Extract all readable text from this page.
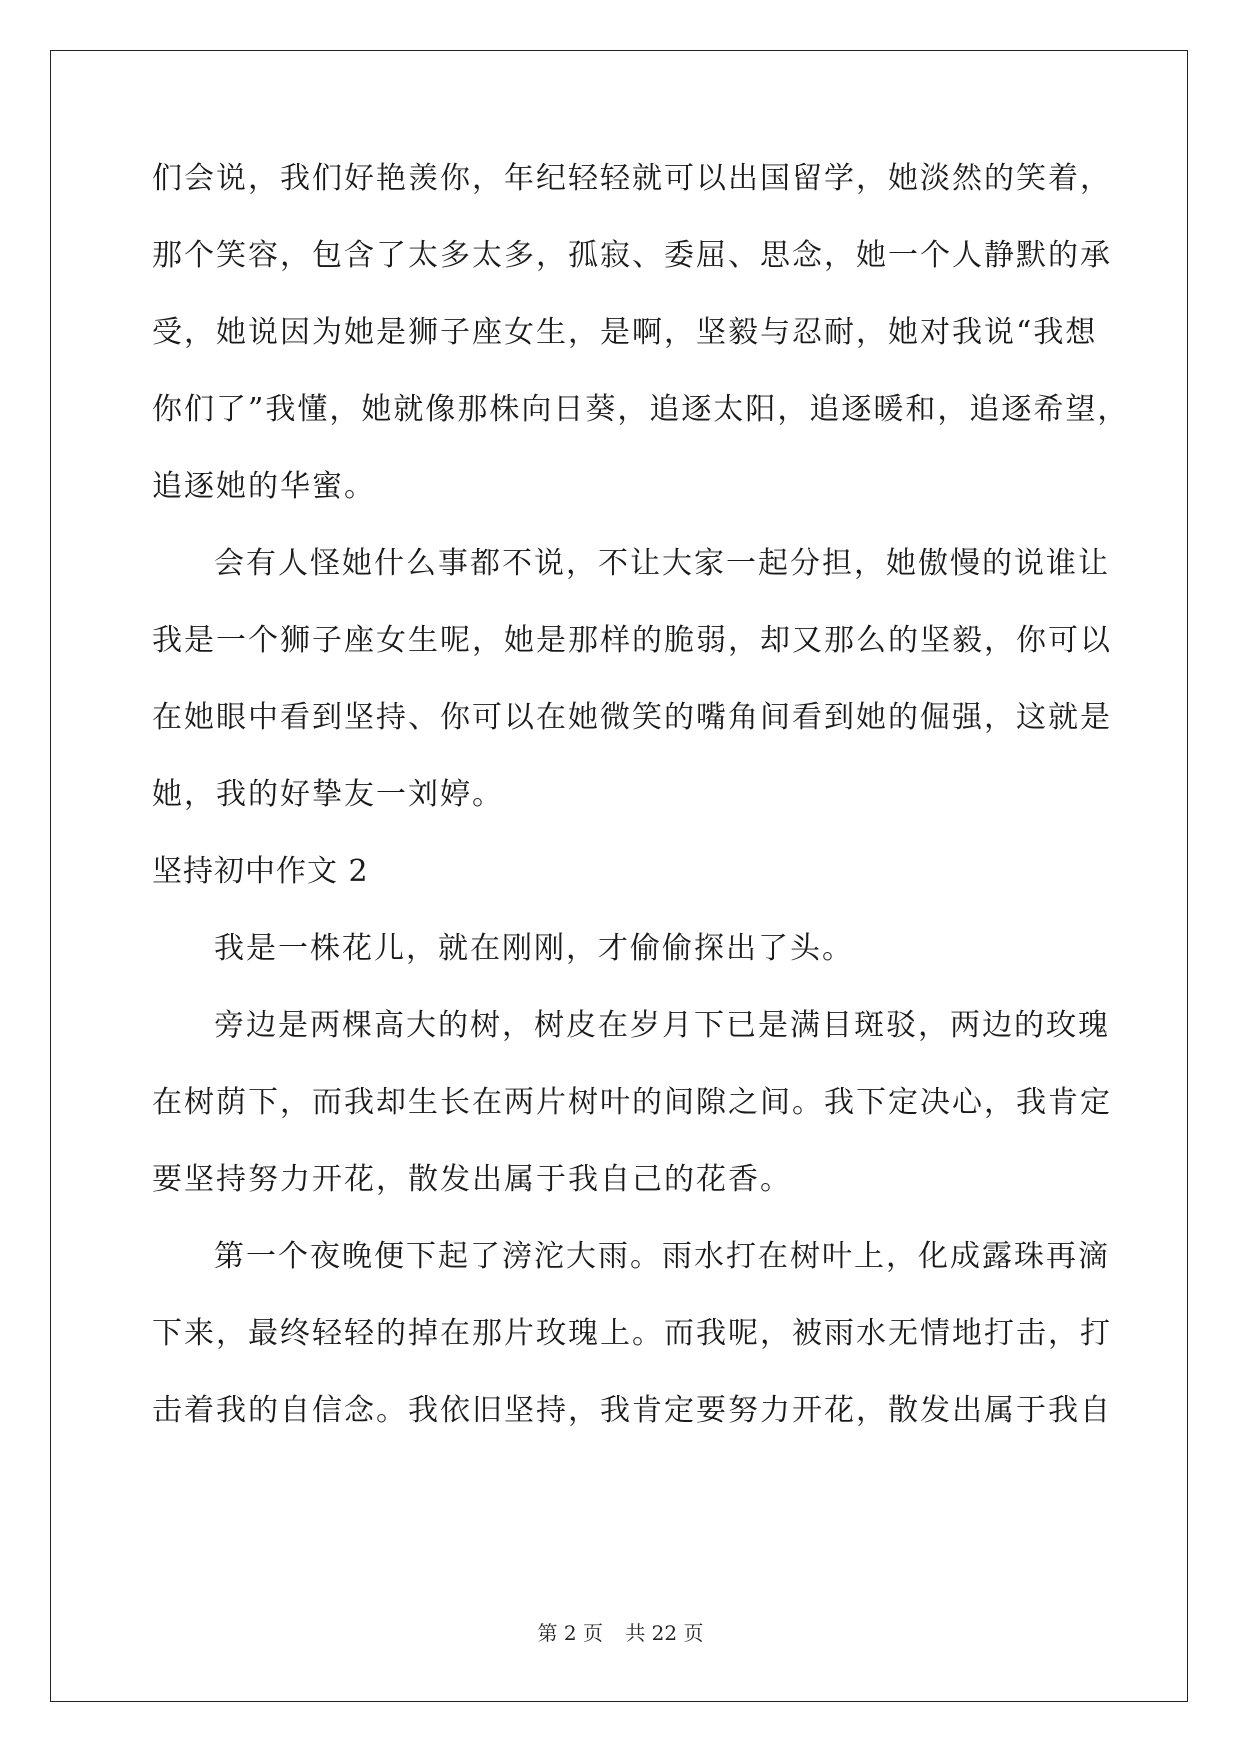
们会说，我们好艳羡你，年纪轻轻就可以出国留学，她淡然的笑着，
那个笑容，包含了太多太多，孤寂、委屈、思念，她一个人静默的承
受，她说因为她是狮子座女生，是啊，坚毅与忍耐，她对我说“我想
你们了”我懂，她就像那株向日葵，追逐太阳，追逐暖和，追逐希望，
追逐她的华蜜。
会有人怪她什么事都不说，不让大家一起分担，她傲慢的说谁让
我是一个狮子座女生呢，她是那样的脆弱，却又那么的坚毅，你可以
在她眼中看到坚持、你可以在她微笑的嘴角间看到她的倔强，这就是
她，我的好挚友一刘婷。
坚持初中作文 2
我是一株花儿，就在刚刚，才偷偷探出了头。
旁边是两棵高大的树，树皮在岁月下已是满目斑驳，两边的玫瑰
在树荫下，而我却生长在两片树叶的间隙之间。我下定决心，我肯定
要坚持努力开花，散发出属于我自己的花香。
第一个夜晚便下起了滂沱大雨。雨水打在树叶上，化成露珠再滴
下来，最终轻轻的掉在那片玫瑰上。而我呢，被雨水无情地打击，打
击着我的自信念。我依旧坚持，我肯定要努力开花，散发出属于我自
第 2 页 共 22 页
